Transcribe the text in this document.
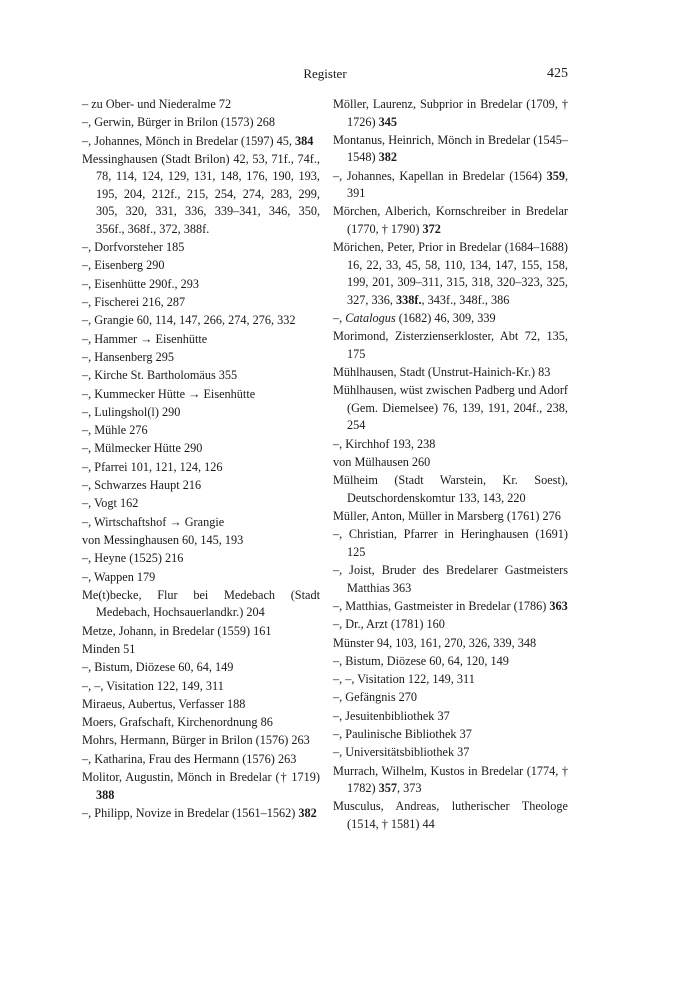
Register	425

– zu Ober- und Niederalme 72

–, Gerwin, Bürger in Brilon (1573) 268

–, Johannes, Mönch in Bredelar (1597) 45, 384

Messinghausen (Stadt Brilon) 42, 53, 71f., 74f., 78, 114, 124, 129, 131, 148, 176, 190, 193, 195, 204, 212f., 215, 254, 274, 283, 299, 305, 320, 331, 336, 339–341, 346, 350, 356f., 368f., 372, 388f.

–, Dorfvorsteher 185

–, Eisenberg 290

–, Eisenhütte 290f., 293

–, Fischerei 216, 287

–, Grangie 60, 114, 147, 266, 274, 276, 332

–, Hammer → Eisenhütte

–, Hansenberg 295

–, Kirche St. Bartholomäus 355

–, Kummecker Hütte → Eisenhütte

–, Lulingshol(l) 290

–, Mühle 276

–, Mülmecker Hütte 290

–, Pfarrei 101, 121, 124, 126

–, Schwarzes Haupt 216

–, Vogt 162

–, Wirtschaftshof → Grangie

von Messinghausen 60, 145, 193

–, Heyne (1525) 216

–, Wappen 179

Me(t)becke, Flur bei Medebach (Stadt Medebach, Hochsauerlandkr.) 204

Metze, Johann, in Bredelar (1559) 161

Minden 51

–, Bistum, Diözese 60, 64, 149

–, –, Visitation 122, 149, 311

Miraeus, Aubertus, Verfasser 188

Moers, Grafschaft, Kirchenordnung 86

Mohrs, Hermann, Bürger in Brilon (1576) 263

–, Katharina, Frau des Hermann (1576) 263

Molitor, Augustin, Mönch in Bredelar († 1719) 388

–, Philipp, Novize in Bredelar (1561–1562) 382

Möller, Laurenz, Subprior in Bredelar (1709, † 1726) 345

Montanus, Heinrich, Mönch in Bredelar (1545–1548) 382

–, Johannes, Kapellan in Bredelar (1564) 359, 391

Mörchen, Alberich, Kornschreiber in Bredelar (1770, † 1790) 372

Mörichen, Peter, Prior in Bredelar (1684–1688) 16, 22, 33, 45, 58, 110, 134, 147, 155, 158, 199, 201, 309–311, 315, 318, 320–323, 325, 327, 336, 338f., 343f., 348f., 386

–, Catalogus (1682) 46, 309, 339

Morimond, Zisterzienserkloster, Abt 72, 135, 175

Mühlhausen, Stadt (Unstrut-Hainich-Kr.) 83

Mühlhausen, wüst zwischen Padberg und Adorf (Gem. Diemelsee) 76, 139, 191, 204f., 238, 254

–, Kirchhof 193, 238

von Mülhausen 260

Mülheim (Stadt Warstein, Kr. Soest), Deutschordenskomtur 133, 143, 220

Müller, Anton, Müller in Marsberg (1761) 276

–, Christian, Pfarrer in Heringhausen (1691) 125

–, Joist, Bruder des Bredelarer Gastmeisters Matthias 363

–, Matthias, Gastmeister in Bredelar (1786) 363

–, Dr., Arzt (1781) 160

Münster 94, 103, 161, 270, 326, 339, 348

–, Bistum, Diözese 60, 64, 120, 149

–, –, Visitation 122, 149, 311

–, Gefängnis 270

–, Jesuitenbibliothek 37

–, Paulinische Bibliothek 37

–, Universitätsbibliothek 37

Murrach, Wilhelm, Kustos in Bredelar (1774, † 1782) 357, 373

Musculus, Andreas, lutherischer Theologe (1514, † 1581) 44
